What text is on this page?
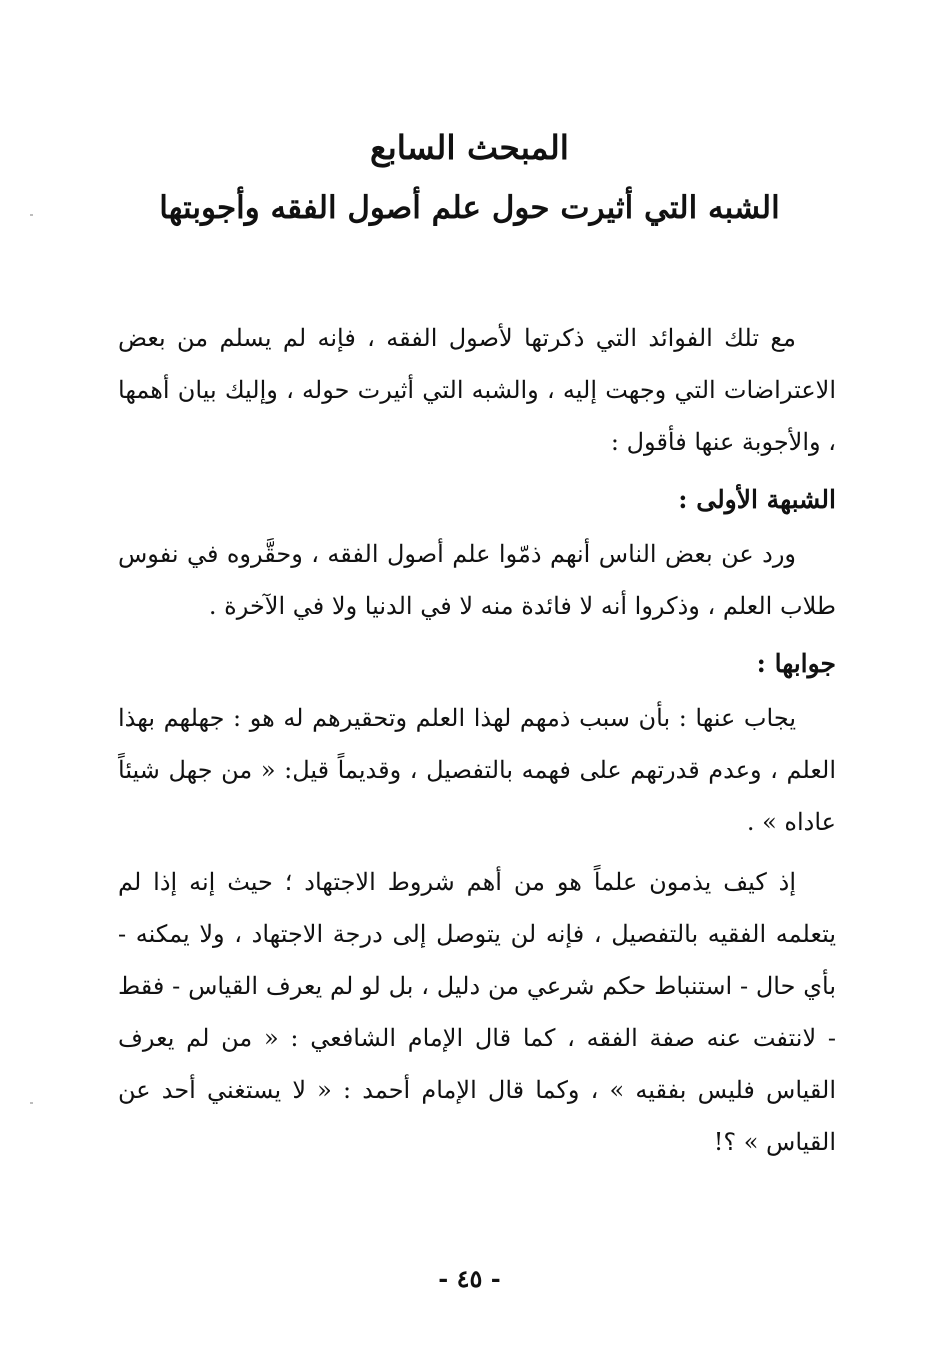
المبحث السابع
الشبه التي أثيرت حول علم أصول الفقه وأجوبتها

مع تلك الفوائد التي ذكرتها لأصول الفقه ، فإنه لم يسلم من بعض الاعتراضات التي وجهت إليه ، والشبه التي أثيرت حوله ، وإليك بيان أهمها ، والأجوبة عنها فأقول :

الشبهة الأولى :

ورد عن بعض الناس أنهم ذمّوا علم أصول الفقه ، وحقَّروه في نفوس طلاب العلم ، وذكروا أنه لا فائدة منه لا في الدنيا ولا في الآخرة .

جوابها :

يجاب عنها : بأن سبب ذمهم لهذا العلم وتحقيرهم له هو : جهلهم بهذا العلم ، وعدم قدرتهم على فهمه بالتفصيل ، وقديماً قيل: « من جهل شيئاً عاداه » .

إذ كيف يذمون علماً هو من أهم شروط الاجتهاد ؛ حيث إنه إذا لم يتعلمه الفقيه بالتفصيل ، فإنه لن يتوصل إلى درجة الاجتهاد ، ولا يمكنه - بأي حال - استنباط حكم شرعي من دليل ، بل لو لم يعرف القياس - فقط - لانتفت عنه صفة الفقه ، كما قال الإمام الشافعي : « من لم يعرف القياس فليس بفقيه » ، وكما قال الإمام أحمد : « لا يستغني أحد عن القياس » ؟!

- ٤٥ -
